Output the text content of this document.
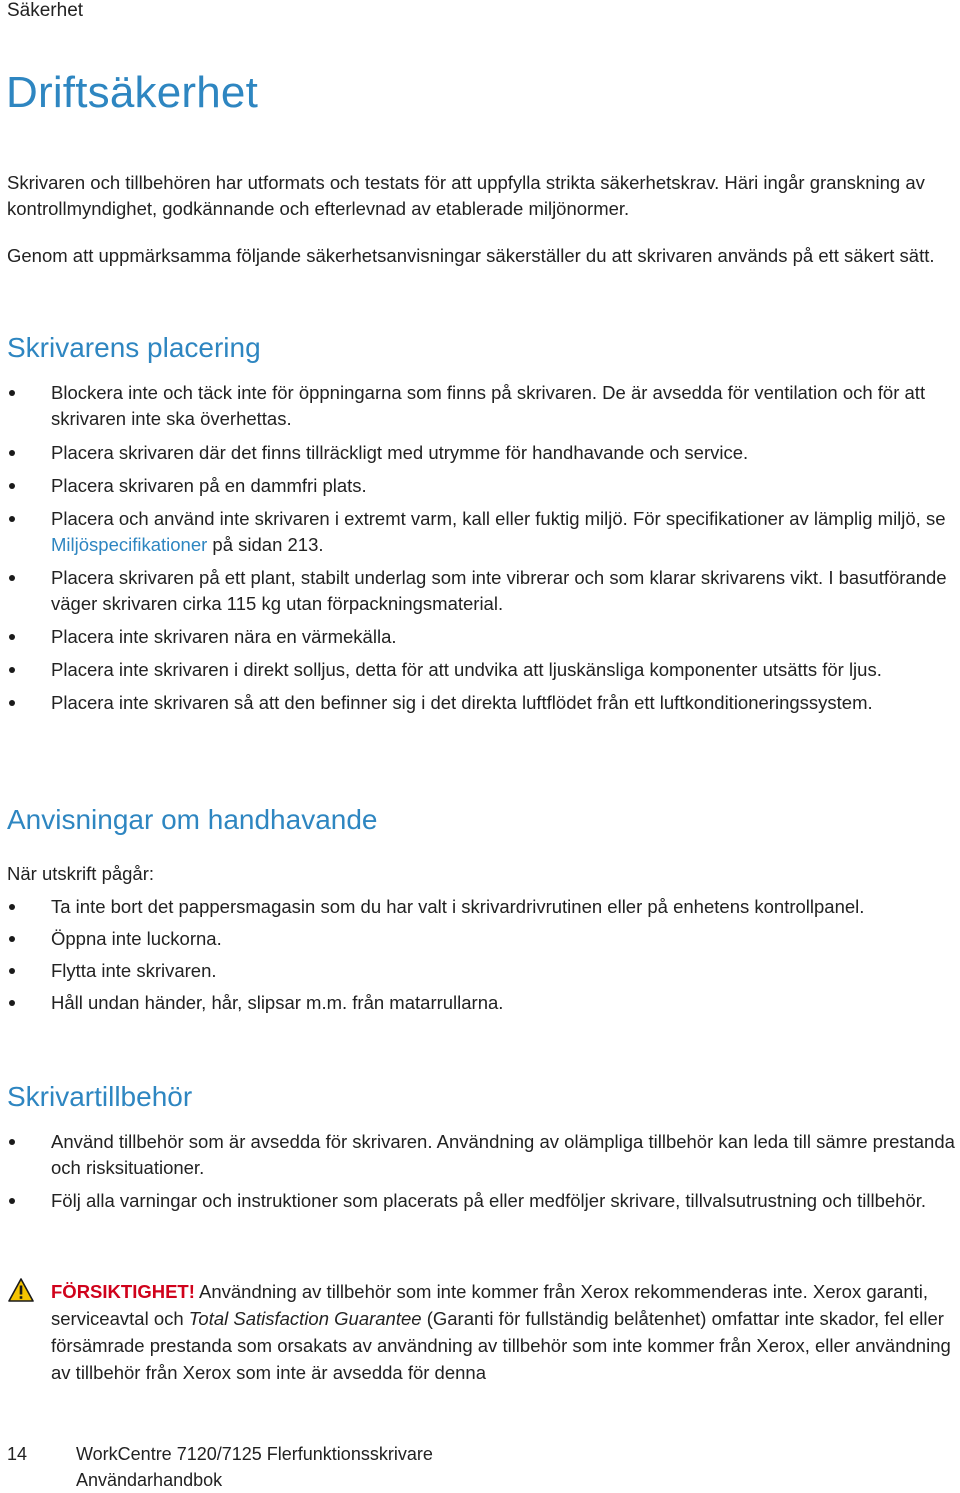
Säkerhet
Driftsäkerhet

Skrivaren och tillbehören har utformats och testats för att uppfylla strikta säkerhetskrav. Häri ingår granskning av kontrollmyndighet, godkännande och efterlevnad av etablerade miljönormer.

Genom att uppmärksamma följande säkerhetsanvisningar säkerställer du att skrivaren används på ett säkert sätt.

Skrivarens placering
Blockera inte och täck inte för öppningarna som finns på skrivaren. De är avsedda för ventilation och för att skrivaren inte ska överhettas.
Placera skrivaren där det finns tillräckligt med utrymme för handhavande och service.
Placera skrivaren på en dammfri plats.
Placera och använd inte skrivaren i extremt varm, kall eller fuktig miljö. För specifikationer av lämplig miljö, se Miljöspecifikationer på sidan 213.
Placera skrivaren på ett plant, stabilt underlag som inte vibrerar och som klarar skrivarens vikt. I basutförande väger skrivaren cirka 115 kg utan förpackningsmaterial.
Placera inte skrivaren nära en värmekälla.
Placera inte skrivaren i direkt solljus, detta för att undvika att ljuskänsliga komponenter utsätts för ljus.
Placera inte skrivaren så att den befinner sig i det direkta luftflödet från ett luftkonditioneringssystem.
Anvisningar om handhavande

När utskrift pågår:

Ta inte bort det pappersmagasin som du har valt i skrivardrivrutinen eller på enhetens kontrollpanel.
Öppna inte luckorna.
Flytta inte skrivaren.
Håll undan händer, hår, slipsar m.m. från matarrullarna.
Skrivartillbehör
Använd tillbehör som är avsedda för skrivaren. Användning av olämpliga tillbehör kan leda till sämre prestanda och risksituationer.
Följ alla varningar och instruktioner som placerats på eller medföljer skrivare, tillvalsutrustning och tillbehör.

FÖRSIKTIGHET! Användning av tillbehör som inte kommer från Xerox rekommenderas inte. Xerox garanti, serviceavtal och Total Satisfaction Guarantee (Garanti för fullständig belåtenhet) omfattar inte skador, fel eller försämrade prestanda som orsakats av användning av tillbehör som inte kommer från Xerox, eller användning av tillbehör från Xerox som inte är avsedda för denna

14	WorkCentre 7120/7125 Flerfunktionsskrivare
Användarhandbok
